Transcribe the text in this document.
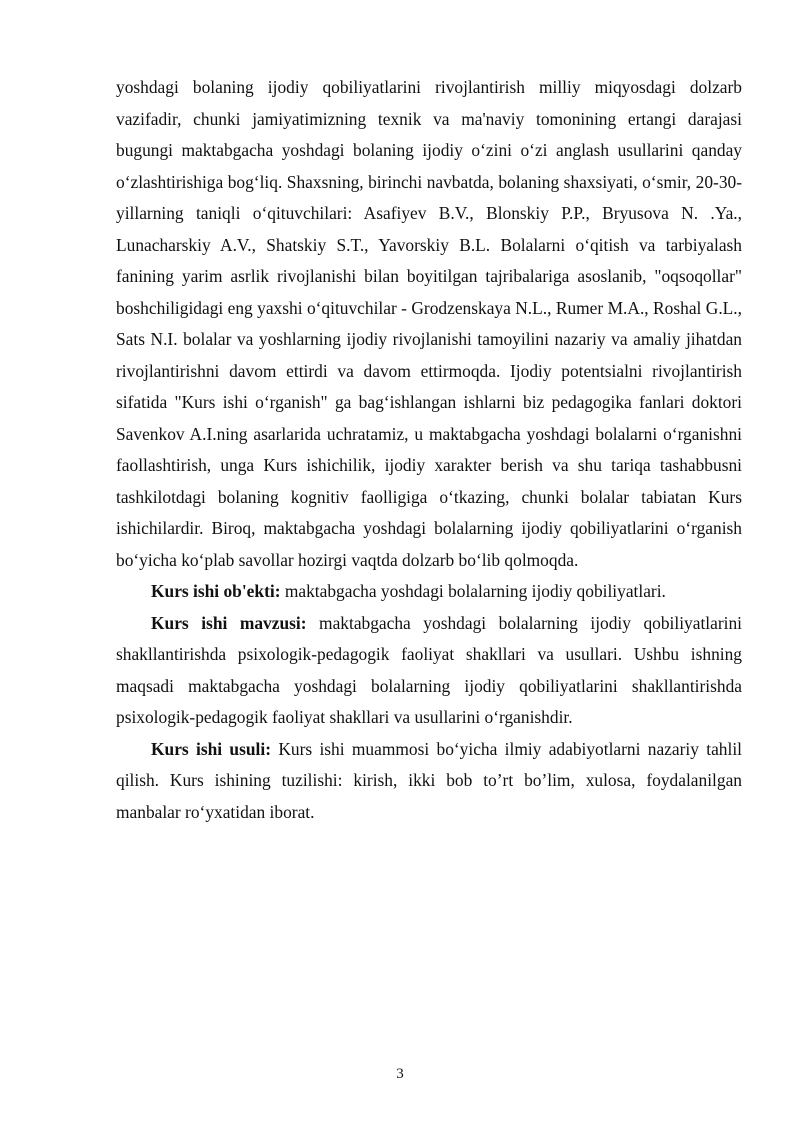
yoshdagi bolaning ijodiy qobiliyatlarini rivojlantirish milliy miqyosdagi dolzarb vazifadir, chunki jamiyatimizning texnik va ma'naviy tomonining ertangi darajasi bugungi maktabgacha yoshdagi bolaning ijodiy o‘zini o‘zi anglash usullarini qanday o‘zlashtirishiga bog‘liq. Shaxsning, birinchi navbatda, bolaning shaxsiyati, o‘smir, 20-30-yillarning taniqli o‘qituvchilari: Asafiyev B.V., Blonskiy P.P., Bryusova N. .Ya., Lunacharskiy A.V., Shatskiy S.T., Yavorskiy B.L. Bolalarni o‘qitish va tarbiyalash fanining yarim asrlik rivojlanishi bilan boyitilgan tajribalariga asoslanib, "oqsoqollar" boshchiligidagi eng yaxshi o‘qituvchilar - Grodzenskaya N.L., Rumer M.A., Roshal G.L., Sats N.I. bolalar va yoshlarning ijodiy rivojlanishi tamoyilini nazariy va amaliy jihatdan rivojlantirishni davom ettirdi va davom ettirmoqda. Ijodiy potentsialni rivojlantirish sifatida "Kurs ishi o‘rganish" ga bag‘ishlangan ishlarni biz pedagogika fanlari doktori Savenkov A.I.ning asarlarida uchratamiz, u maktabgacha yoshdagi bolalarni o‘rganishni faollashtirish, unga Kurs ishichilik, ijodiy xarakter berish va shu tariqa tashabbusni tashkilotdagi bolaning kognitiv faolligiga o‘tkazing, chunki bolalar tabiatan Kurs ishichilardir. Biroq, maktabgacha yoshdagi bolalarning ijodiy qobiliyatlarini o‘rganish bo‘yicha ko‘plab savollar hozirgi vaqtda dolzarb bo‘lib qolmoqda.

Kurs ishi ob'ekti: maktabgacha yoshdagi bolalarning ijodiy qobiliyatlari.

Kurs ishi mavzusi: maktabgacha yoshdagi bolalarning ijodiy qobiliyatlarini shakllantirishda psixologik-pedagogik faoliyat shakllari va usullari. Ushbu ishning maqsadi maktabgacha yoshdagi bolalarning ijodiy qobiliyatlarini shakllantirishda psixologik-pedagogik faoliyat shakllari va usullarini o‘rganishdir.

Kurs ishi usuli: Kurs ishi muammosi bo‘yicha ilmiy adabiyotlarni nazariy tahlil qilish. Kurs ishining tuzilishi: kirish, ikki bob to’rt bo’lim, xulosa, foydalanilgan manbalar ro‘yxatidan iborat.

3
